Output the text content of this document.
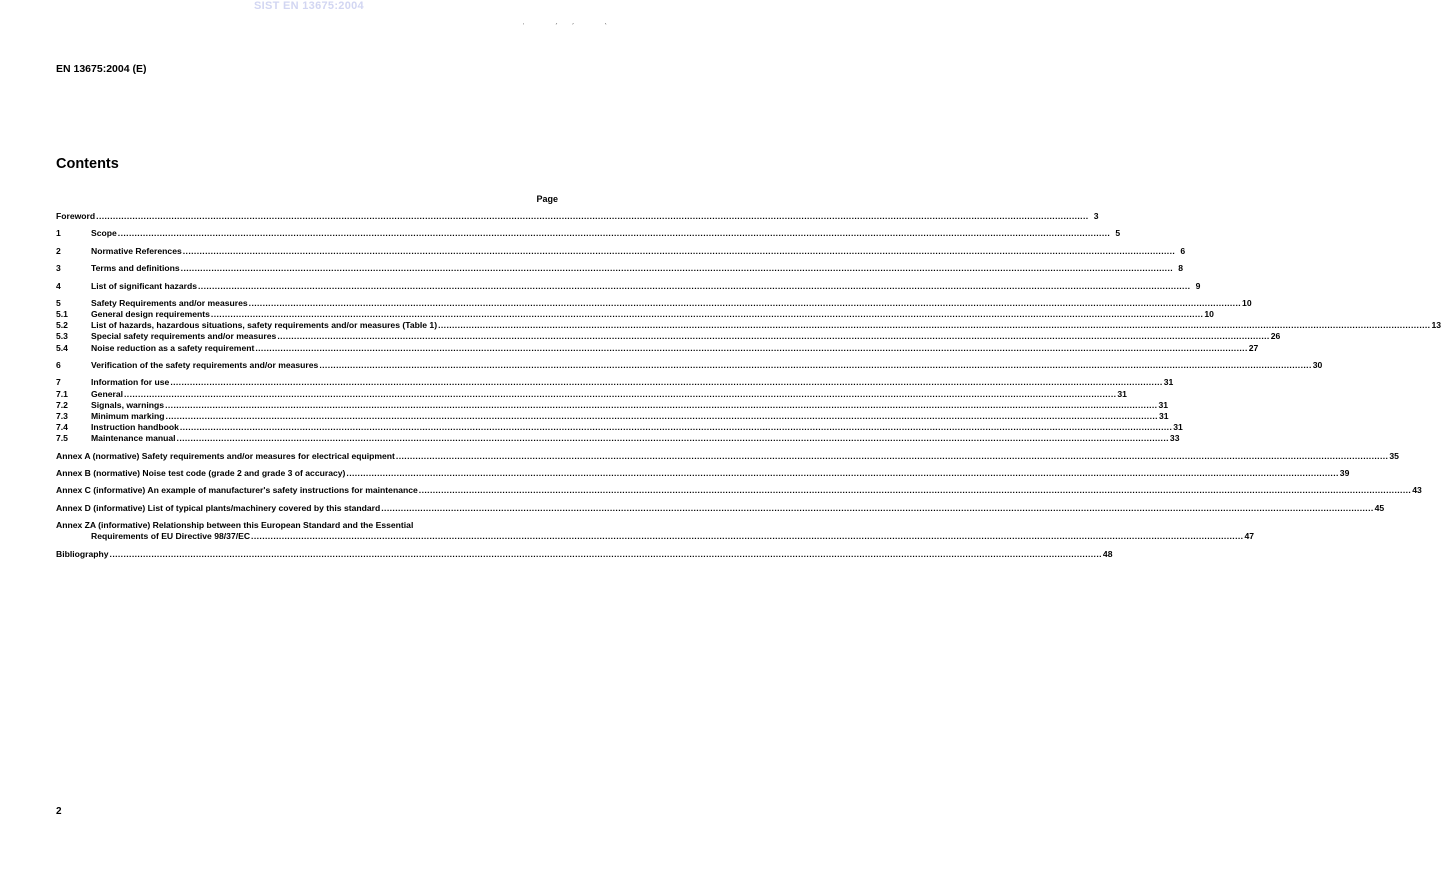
SIST EN 13675:2004
ˌ ˏˏ ˎ
EN 13675:2004 (E)
Contents
Page
Foreword .....	3
1	Scope .....	5
2	Normative References .....	6
3	Terms and definitions .....	8
4	List of significant hazards .....	9
5	Safety Requirements and/or measures .....	10
5.1	General design requirements .....	10
5.2	List of hazards, hazardous situations, safety requirements and/or measures (Table 1) .....	13
5.3	Special safety requirements and/or measures .....	26
5.4	Noise reduction as a safety requirement .....	27
6	Verification of the safety requirements and/or measures .....	30
7	Information for use .....	31
7.1	General .....	31
7.2	Signals, warnings .....	31
7.3	Minimum marking .....	31
7.4	Instruction handbook .....	31
7.5	Maintenance manual .....	33
Annex A (normative) Safety requirements and/or measures for electrical equipment .....	35
Annex B (normative) Noise test code (grade 2 and grade 3 of accuracy) .....	39
Annex C (informative) An example of manufacturer's safety instructions for maintenance .....	43
Annex D (informative) List of typical plants/machinery covered by this standard .....	45
Annex ZA (informative) Relationship between this European Standard and the Essential
Requirements of EU Directive 98/37/EC .....	47
Bibliography .....	48
2
